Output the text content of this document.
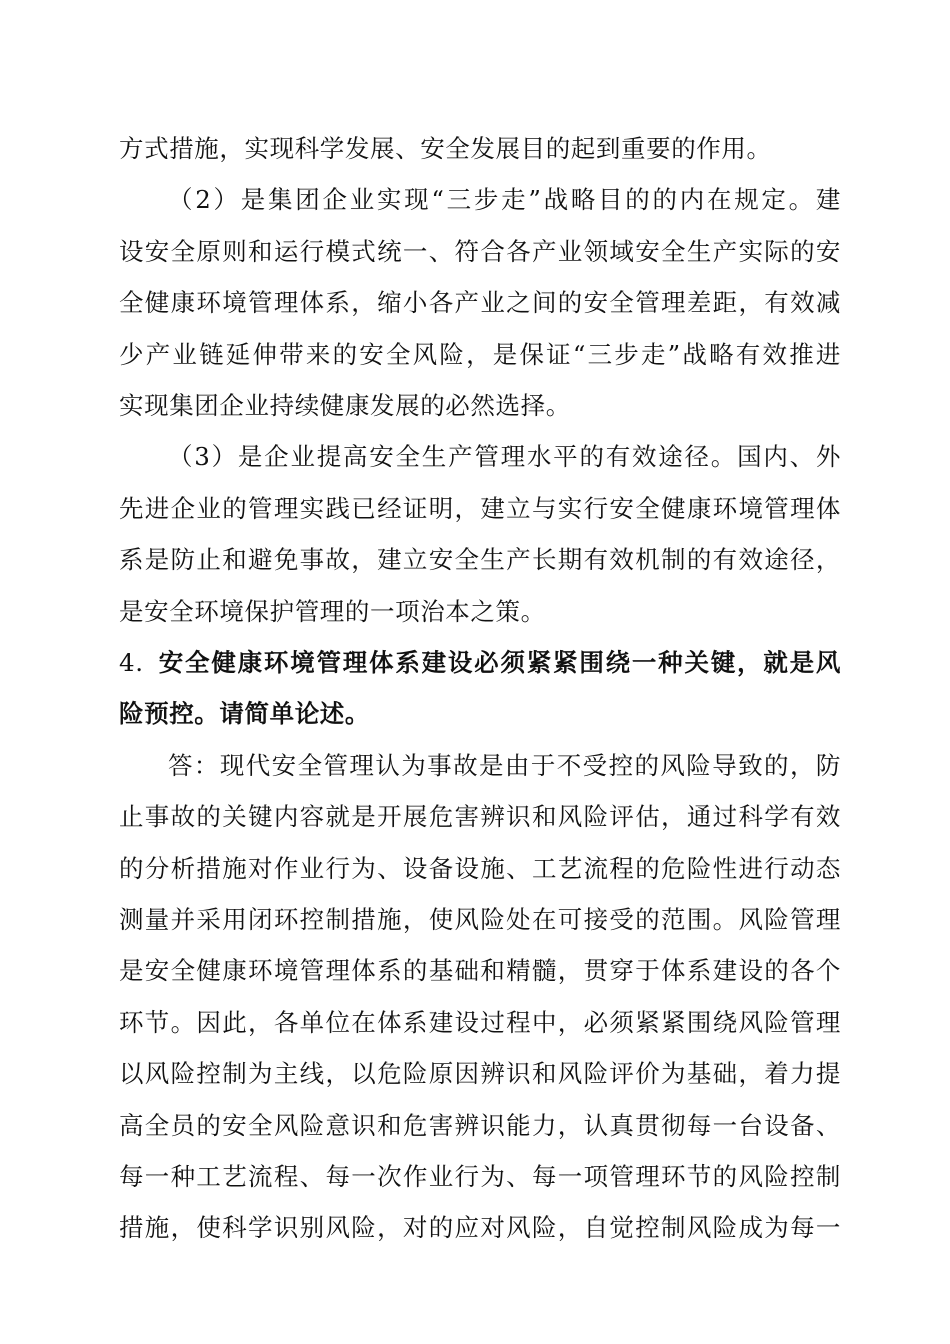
方式措施，实现科学发展、安全发展目的起到重要的作用。
（2）是集团企业实现“三步走”战略目的的内在规定。建
设安全原则和运行模式统一、符合各产业领域安全生产实际的安
全健康环境管理体系，缩小各产业之间的安全管理差距，有效减
少产业链延伸带来的安全风险，是保证“三步走”战略有效推进
实现集团企业持续健康发展的必然选择。
（3）是企业提高安全生产管理水平的有效途径。国内、外
先进企业的管理实践已经证明，建立与实行安全健康环境管理体
系是防止和避免事故，建立安全生产长期有效机制的有效途径，
是安全环境保护管理的一项治本之策。
4. 安全健康环境管理体系建设必须紧紧围绕一种关键，就是风
险预控。请简单论述。
答：现代安全管理认为事故是由于不受控的风险导致的，防
止事故的关键内容就是开展危害辨识和风险评估，通过科学有效
的分析措施对作业行为、设备设施、工艺流程的危险性进行动态
测量并采用闭环控制措施，使风险处在可接受的范围。风险管理
是安全健康环境管理体系的基础和精髓，贯穿于体系建设的各个
环节。因此，各单位在体系建设过程中，必须紧紧围绕风险管理
以风险控制为主线，以危险原因辨识和风险评价为基础，着力提
高全员的安全风险意识和危害辨识能力，认真贯彻每一台设备、
每一种工艺流程、每一次作业行为、每一项管理环节的风险控制
措施，使科学识别风险，对的应对风险，自觉控制风险成为每一
